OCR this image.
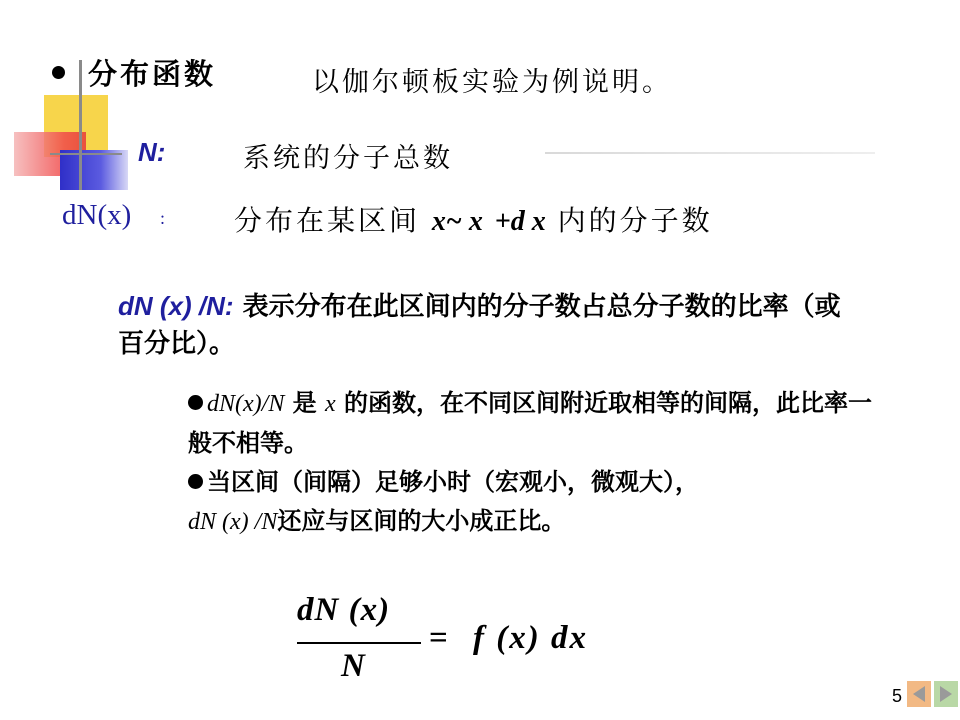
分布函数	以伽尔顿板实验为例说明。
N:	系统的分子总数
dN(x) : 分布在某区间 x~ x +d x 内的分子数
dN (x) /N: 表示分布在此区间内的分子数占总分子数的比率（或百分比）。
dN(x)/N 是 x 的函数，在不同区间附近取相等的间隔，此比率一般不相等。
当区间（间隔）足够小时（宏观小，微观大），
dN (x) /N还应与区间的大小成正比。
dN (x)
N
= f (x) dx
5
